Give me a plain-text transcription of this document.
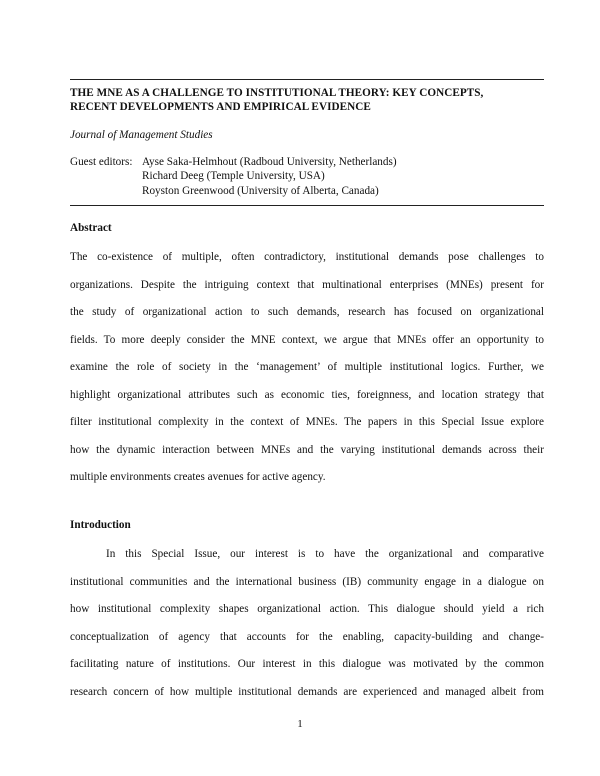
THE MNE AS A CHALLENGE TO INSTITUTIONAL THEORY: KEY CONCEPTS,
RECENT DEVELOPMENTS AND EMPIRICAL EVIDENCE
Journal of Management Studies
Guest editors: Ayse Saka-Helmhout (Radboud University, Netherlands)
Richard Deeg (Temple University, USA)
Royston Greenwood (University of Alberta, Canada)
Abstract
The co-existence of multiple, often contradictory, institutional demands pose challenges to
organizations. Despite the intriguing context that multinational enterprises (MNEs) present for
the study of organizational action to such demands, research has focused on organizational
fields. To more deeply consider the MNE context, we argue that MNEs offer an opportunity to
examine the role of society in the ‘management’ of multiple institutional logics. Further, we
highlight organizational attributes such as economic ties, foreignness, and location strategy that
filter institutional complexity in the context of MNEs. The papers in this Special Issue explore
how the dynamic interaction between MNEs and the varying institutional demands across their
multiple environments creates avenues for active agency.
Introduction
In this Special Issue, our interest is to have the organizational and comparative
institutional communities and the international business (IB) community engage in a dialogue on
how institutional complexity shapes organizational action. This dialogue should yield a rich
conceptualization of agency that accounts for the enabling, capacity-building and change-
facilitating nature of institutions. Our interest in this dialogue was motivated by the common
research concern of how multiple institutional demands are experienced and managed albeit from
1
